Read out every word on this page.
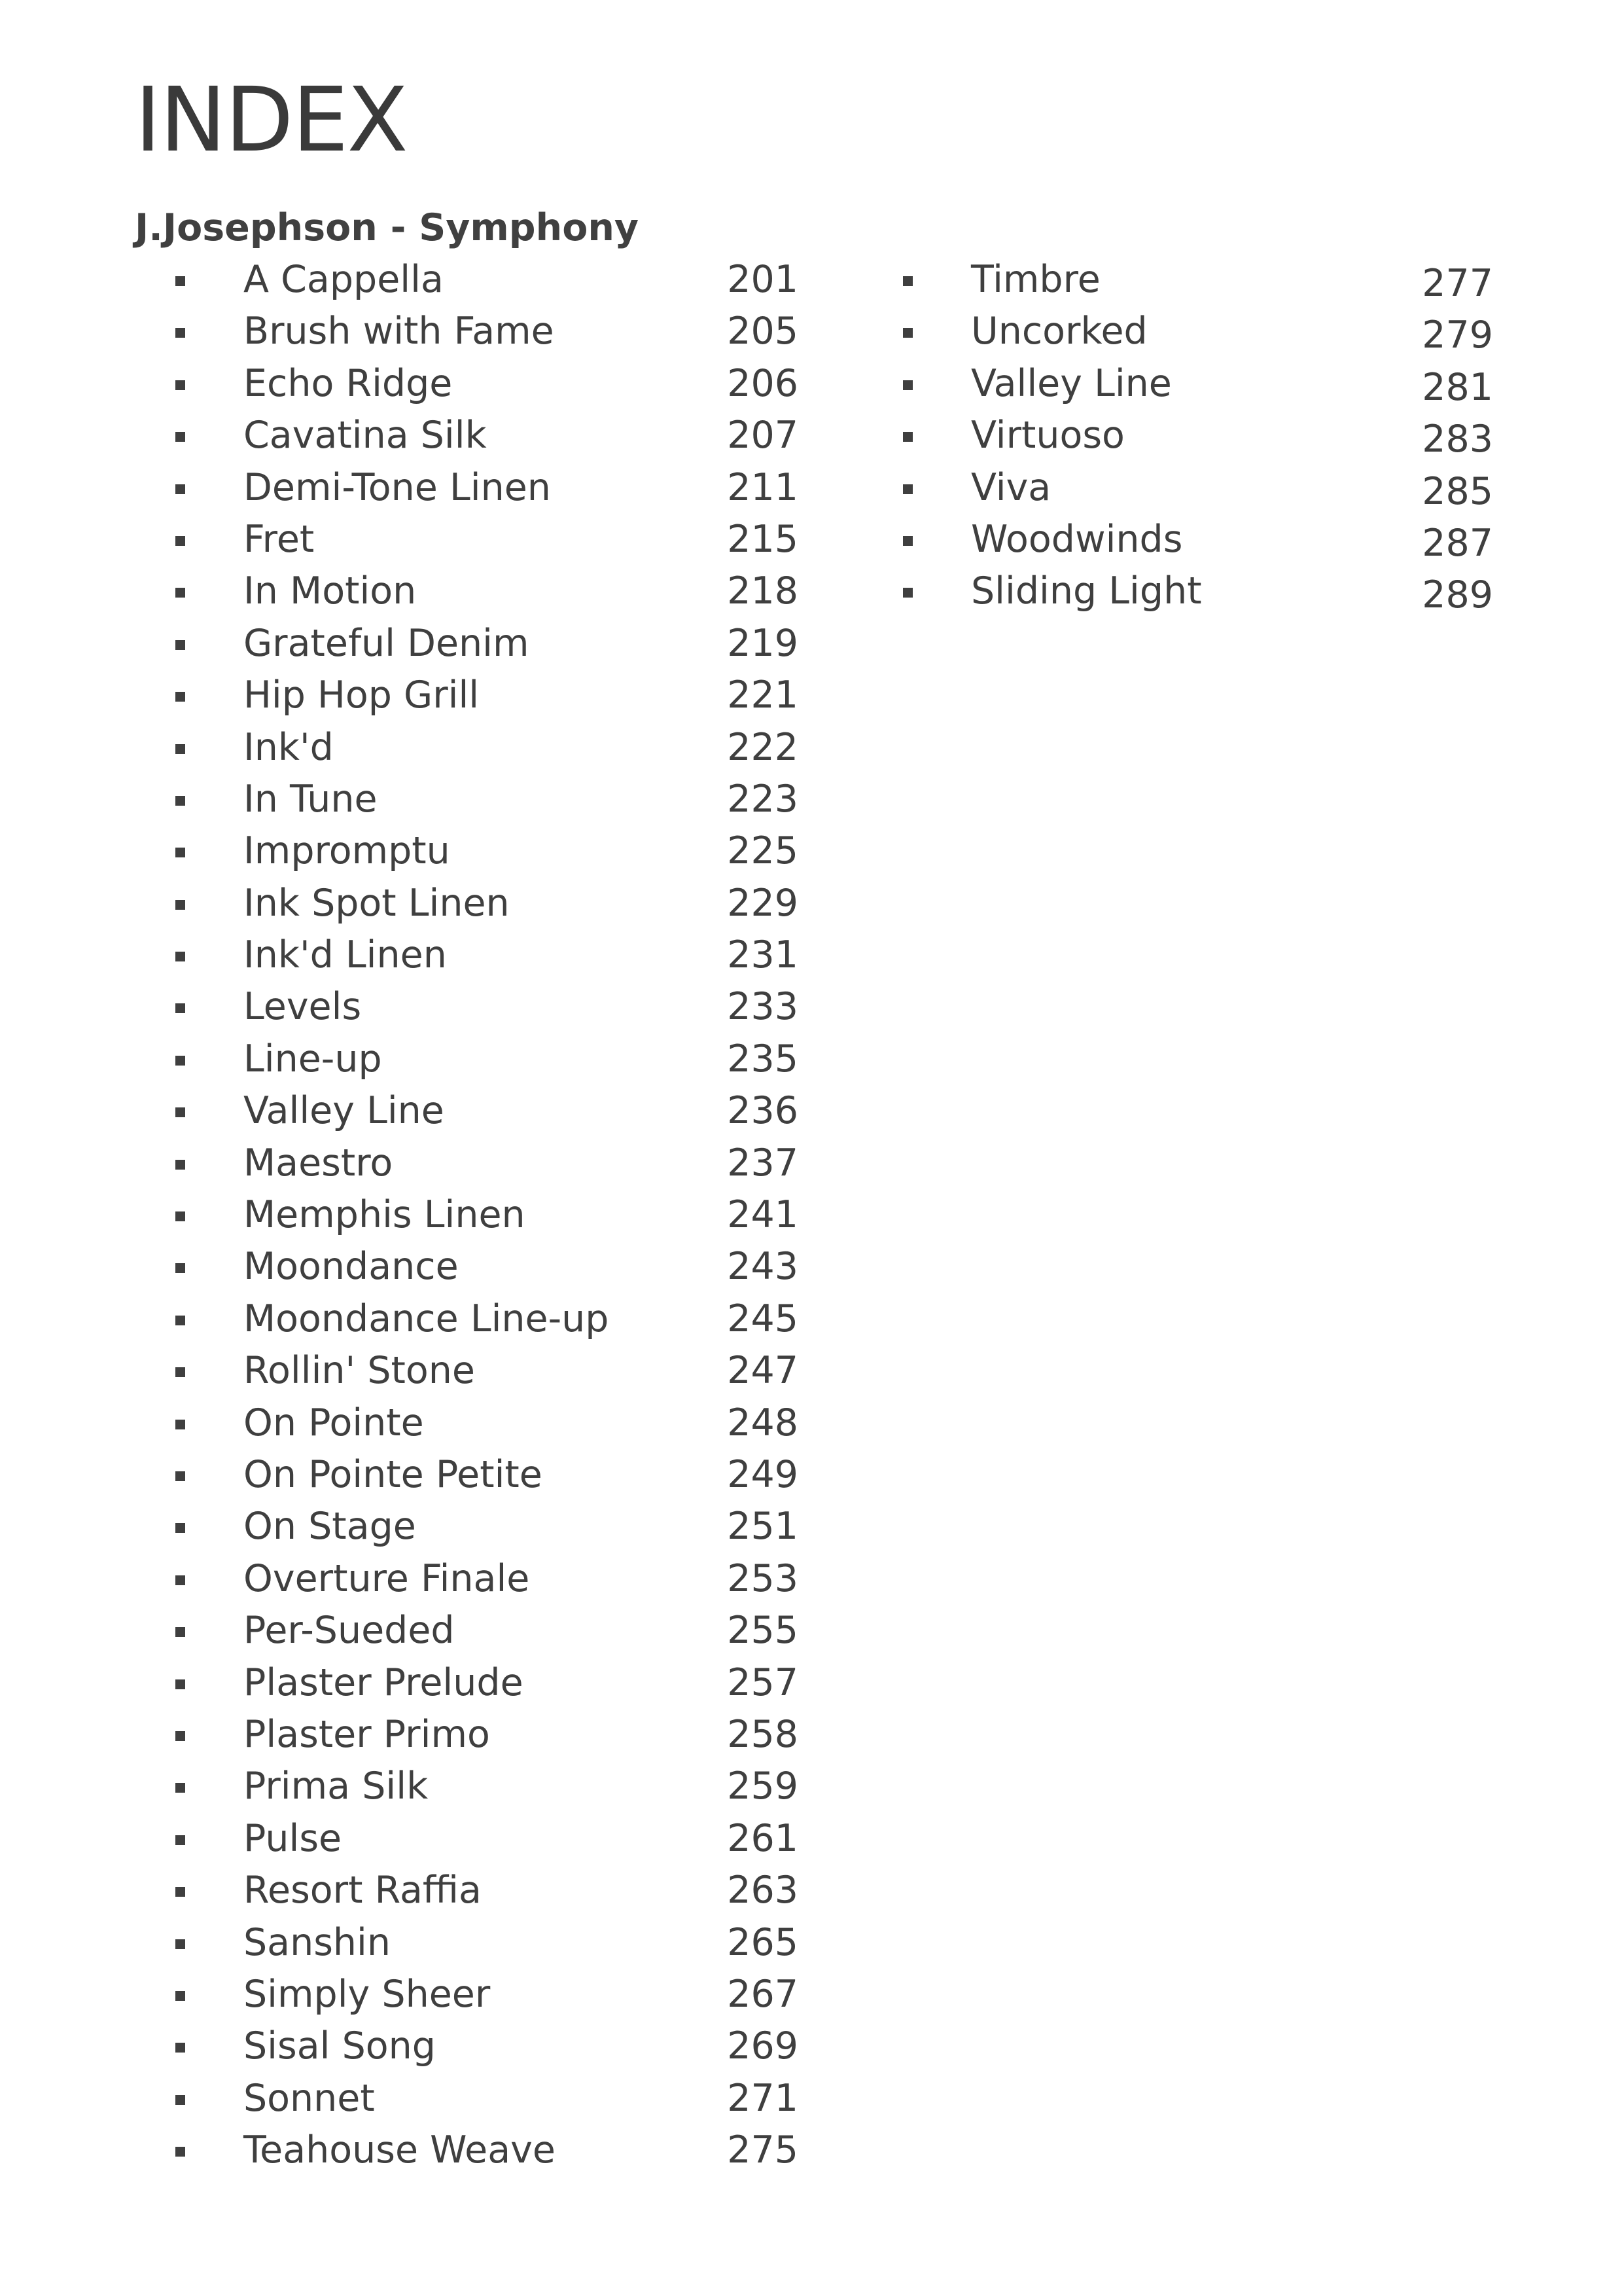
INDEX
J.Josephson - Symphony
A Cappella	201
Brush with Fame	205
Echo Ridge	206
Cavatina Silk	207
Demi-Tone Linen	211
Fret	215
In Motion	218
Grateful Denim	219
Hip Hop Grill	221
Ink'd	222
In Tune	223
Impromptu	225
Ink Spot Linen	229
Ink'd Linen	231
Levels	233
Line-up	235
Valley Line	236
Maestro	237
Memphis Linen	241
Moondance	243
Moondance Line-up	245
Rollin' Stone	247
On Pointe	248
On Pointe Petite	249
On Stage	251
Overture Finale	253
Per-Sueded	255
Plaster Prelude	257
Plaster Primo	258
Prima Silk	259
Pulse	261
Resort Raffia	263
Sanshin	265
Simply Sheer	267
Sisal Song	269
Sonnet	271
Teahouse Weave	275
Timbre	277
Uncorked	279
Valley Line	281
Virtuoso	283
Viva	285
Woodwinds	287
Sliding Light	289
